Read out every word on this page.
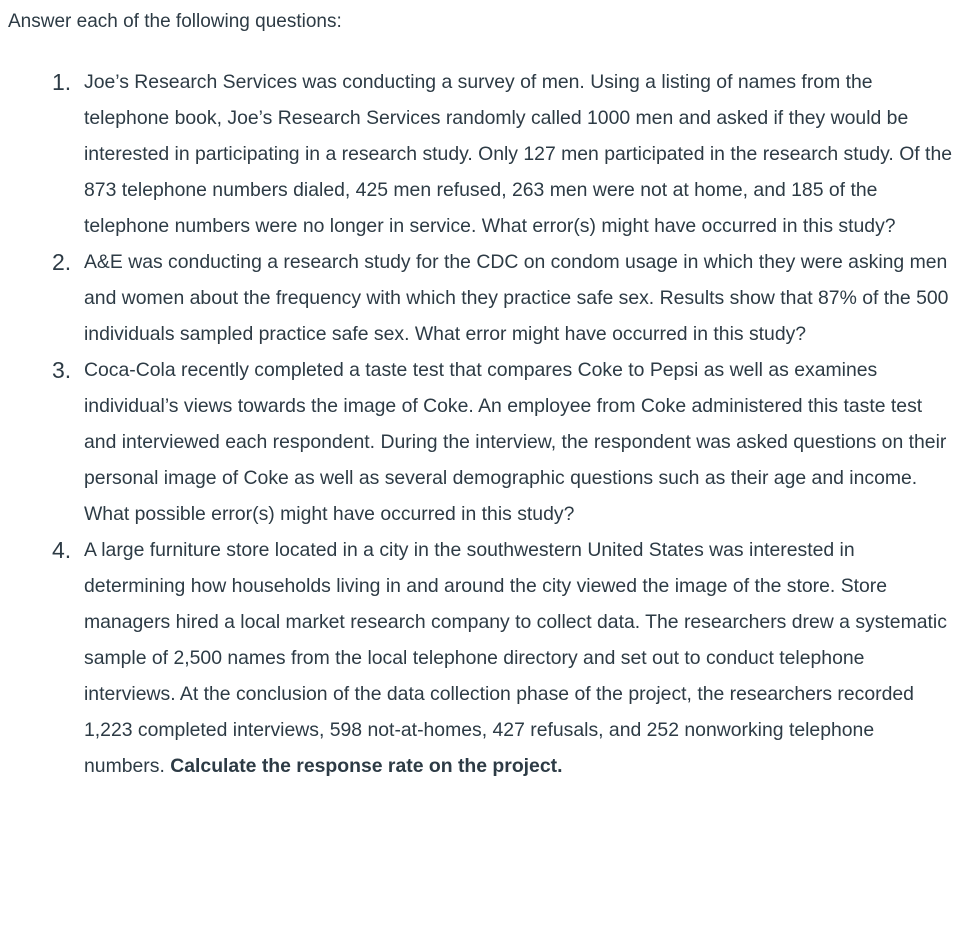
Answer each of the following questions:

1. Joe’s Research Services was conducting a survey of men. Using a listing of names from the telephone book, Joe’s Research Services randomly called 1000 men and asked if they would be interested in participating in a research study. Only 127 men participated in the research study. Of the 873 telephone numbers dialed, 425 men refused, 263 men were not at home, and 185 of the telephone numbers were no longer in service. What error(s) might have occurred in this study?
2. A&E was conducting a research study for the CDC on condom usage in which they were asking men and women about the frequency with which they practice safe sex. Results show that 87% of the 500 individuals sampled practice safe sex. What error might have occurred in this study?
3. Coca-Cola recently completed a taste test that compares Coke to Pepsi as well as examines individual’s views towards the image of Coke. An employee from Coke administered this taste test and interviewed each respondent. During the interview, the respondent was asked questions on their personal image of Coke as well as several demographic questions such as their age and income. What possible error(s) might have occurred in this study?
4. A large furniture store located in a city in the southwestern United States was interested in determining how households living in and around the city viewed the image of the store. Store managers hired a local market research company to collect data. The researchers drew a systematic sample of 2,500 names from the local telephone directory and set out to conduct telephone interviews. At the conclusion of the data collection phase of the project, the researchers recorded 1,223 completed interviews, 598 not-at-homes, 427 refusals, and 252 nonworking telephone numbers. Calculate the response rate on the project.
